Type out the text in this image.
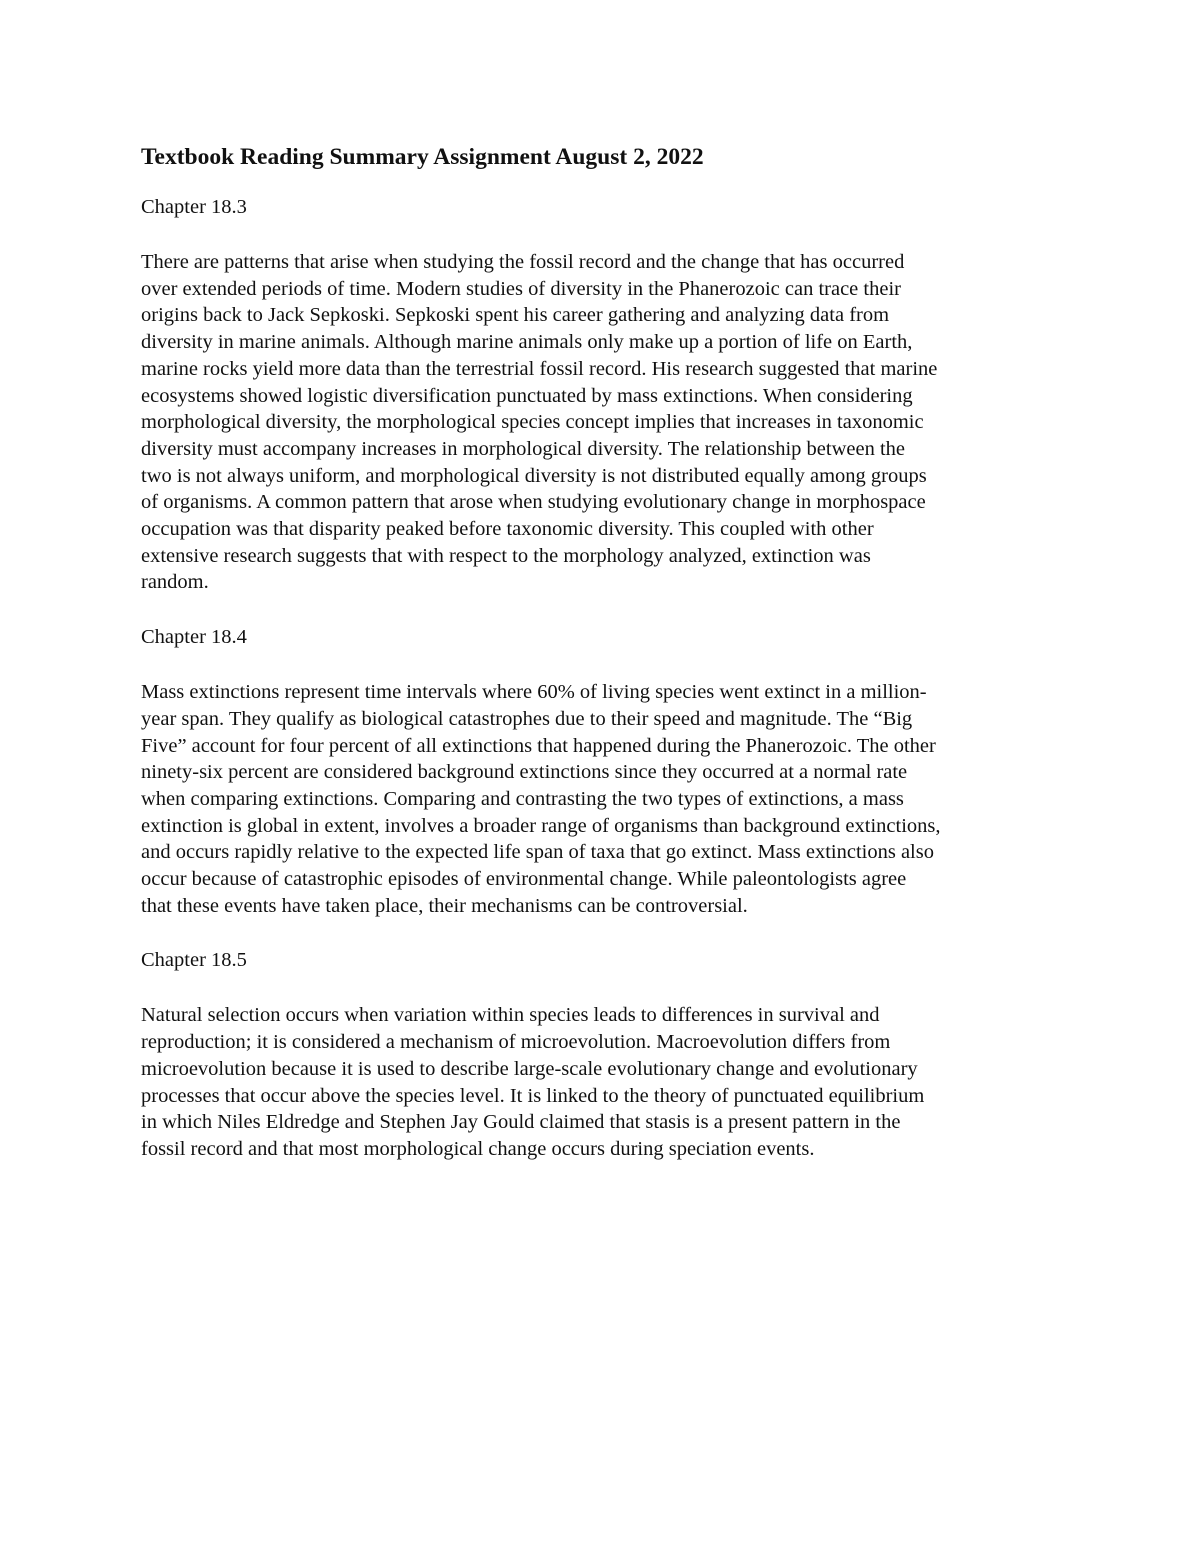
Textbook Reading Summary Assignment August 2, 2022

Chapter 18.3

There are patterns that arise when studying the fossil record and the change that has occurred
over extended periods of time. Modern studies of diversity in the Phanerozoic can trace their
origins back to Jack Sepkoski. Sepkoski spent his career gathering and analyzing data from
diversity in marine animals. Although marine animals only make up a portion of life on Earth,
marine rocks yield more data than the terrestrial fossil record. His research suggested that marine
ecosystems showed logistic diversification punctuated by mass extinctions. When considering
morphological diversity, the morphological species concept implies that increases in taxonomic
diversity must accompany increases in morphological diversity. The relationship between the
two is not always uniform, and morphological diversity is not distributed equally among groups
of organisms. A common pattern that arose when studying evolutionary change in morphospace
occupation was that disparity peaked before taxonomic diversity. This coupled with other
extensive research suggests that with respect to the morphology analyzed, extinction was
random.

Chapter 18.4

Mass extinctions represent time intervals where 60% of living species went extinct in a million-
year span. They qualify as biological catastrophes due to their speed and magnitude. The “Big
Five” account for four percent of all extinctions that happened during the Phanerozoic. The other
ninety-six percent are considered background extinctions since they occurred at a normal rate
when comparing extinctions. Comparing and contrasting the two types of extinctions, a mass
extinction is global in extent, involves a broader range of organisms than background extinctions,
and occurs rapidly relative to the expected life span of taxa that go extinct. Mass extinctions also
occur because of catastrophic episodes of environmental change. While paleontologists agree
that these events have taken place, their mechanisms can be controversial.

Chapter 18.5

Natural selection occurs when variation within species leads to differences in survival and
reproduction; it is considered a mechanism of microevolution. Macroevolution differs from
microevolution because it is used to describe large-scale evolutionary change and evolutionary
processes that occur above the species level. It is linked to the theory of punctuated equilibrium
in which Niles Eldredge and Stephen Jay Gould claimed that stasis is a present pattern in the
fossil record and that most morphological change occurs during speciation events.
